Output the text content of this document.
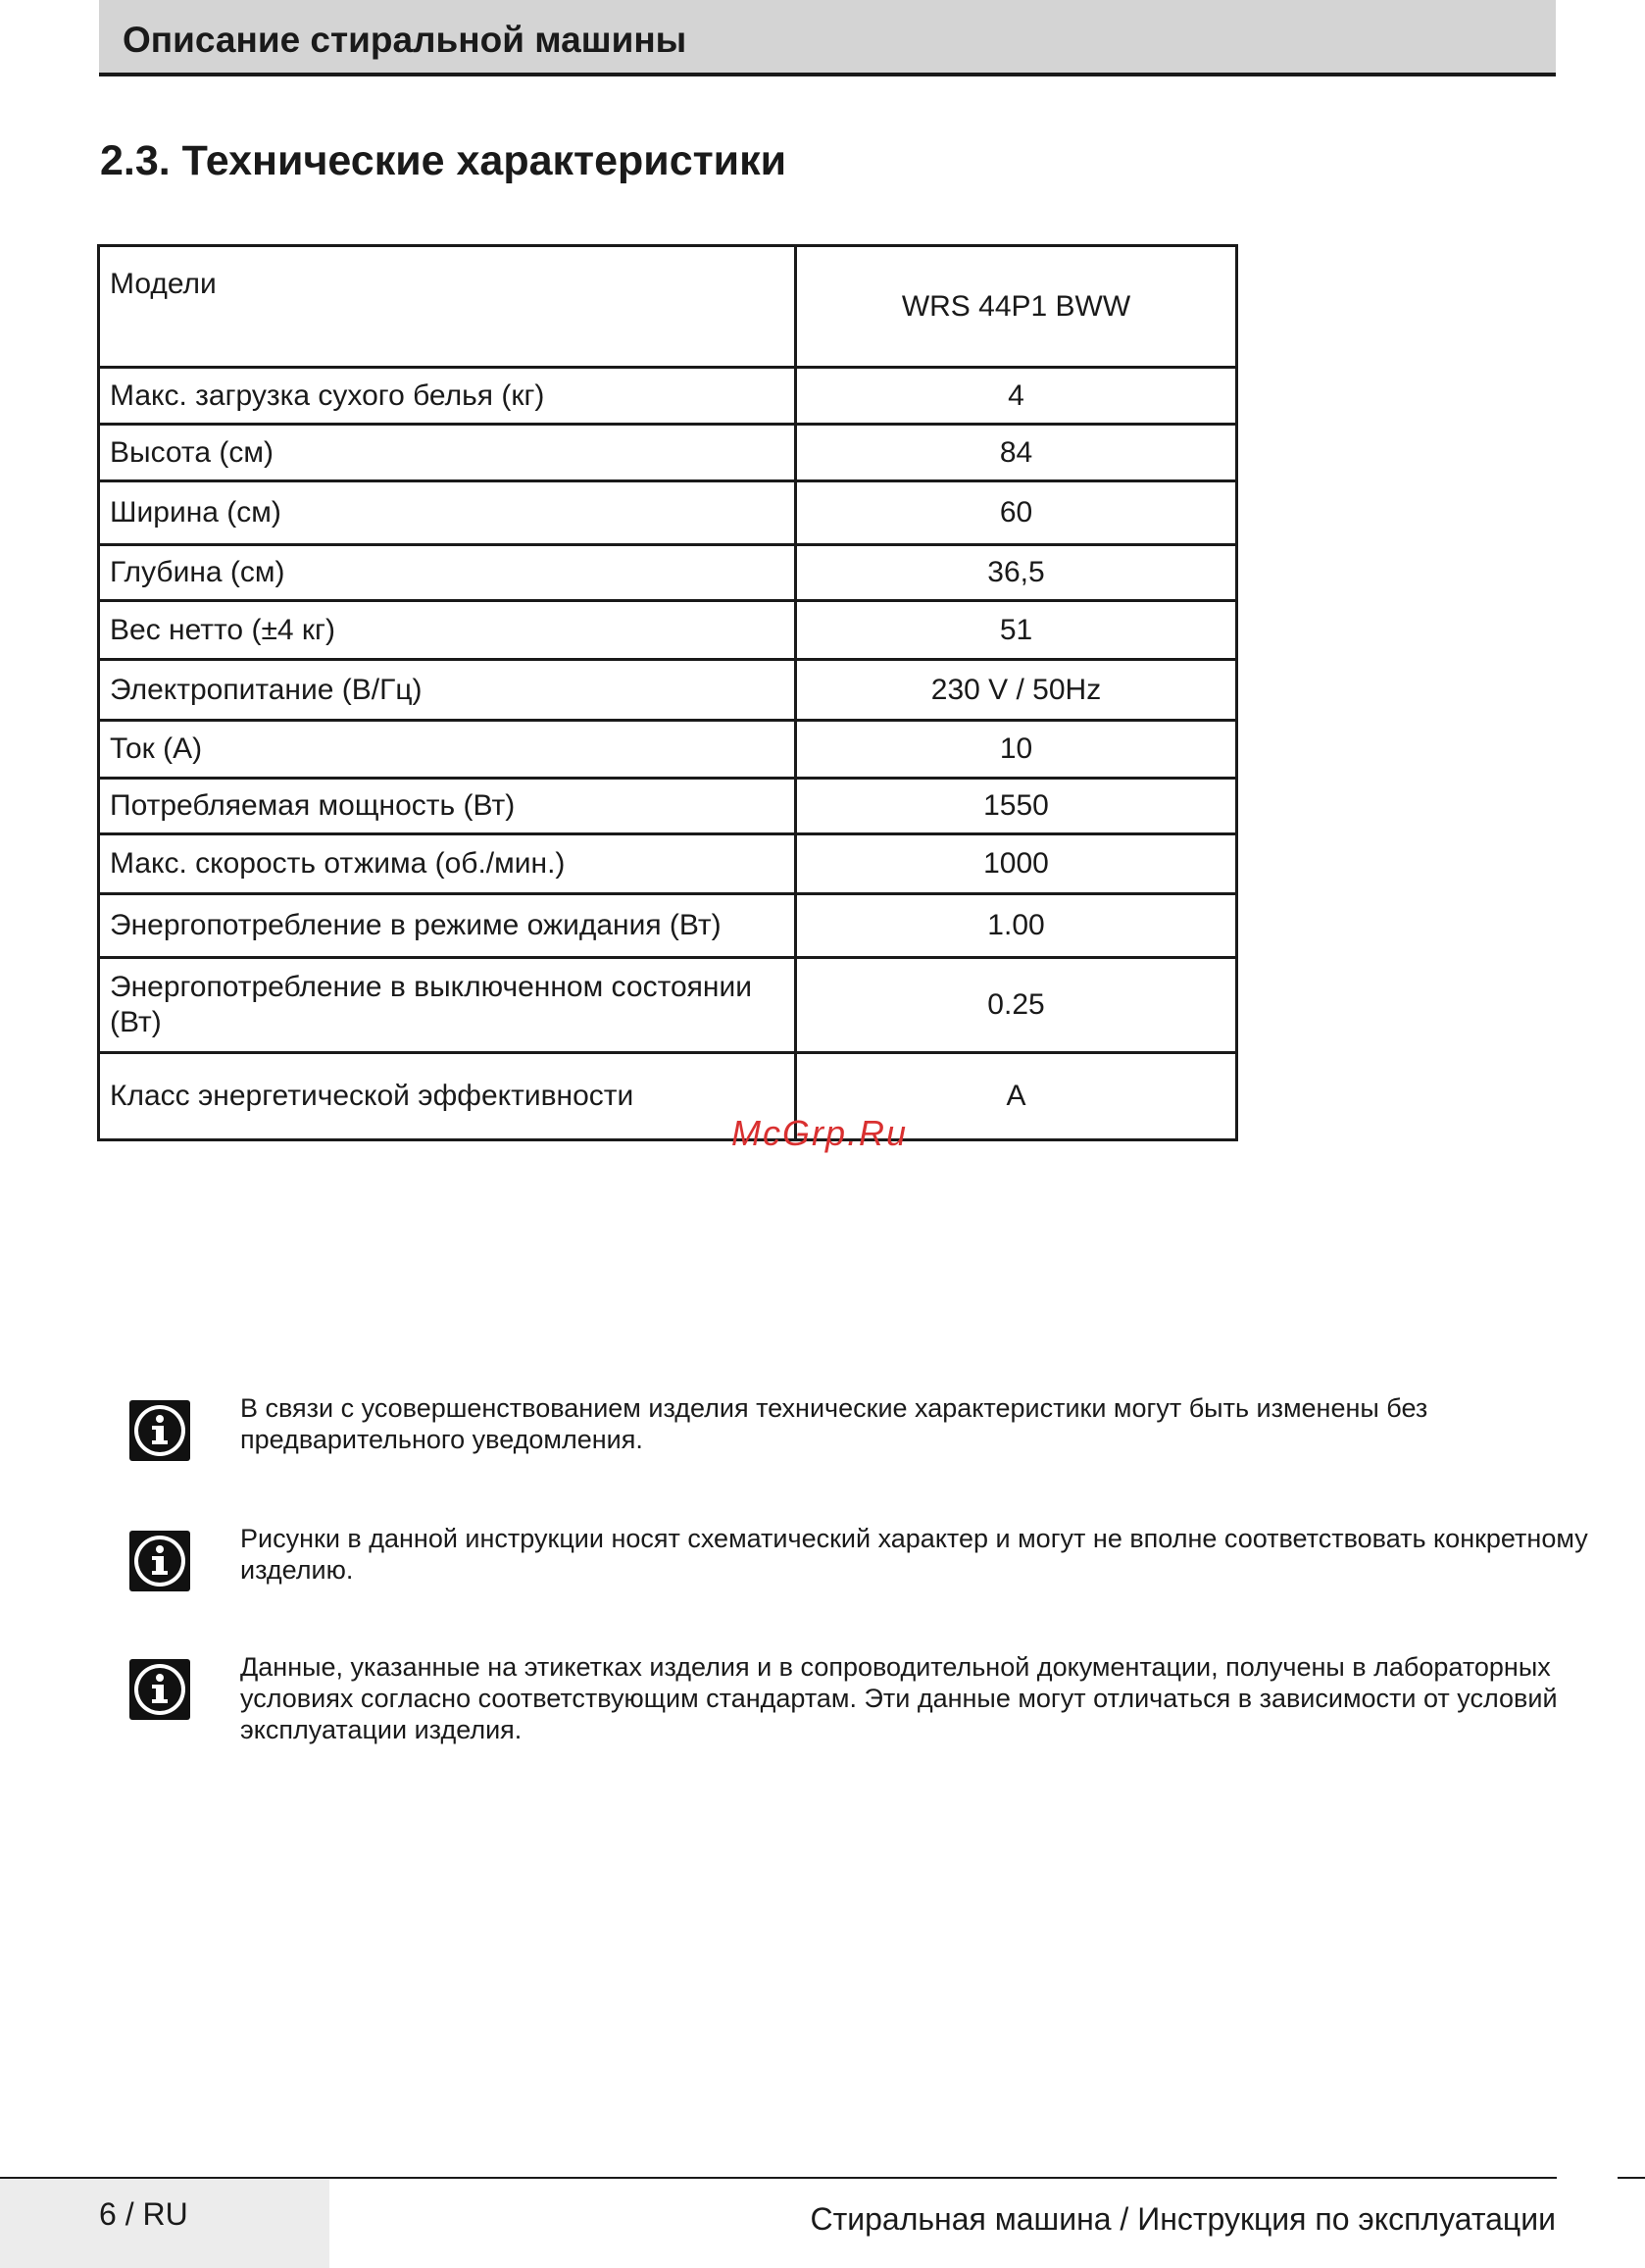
Описание стиральной машины
2.3. Технические характеристики
Модели	WRS 44P1 BWW
Макс. загрузка сухого белья (кг)	4
Высота (см)	84
Ширина (см)	60
Глубина (см)	36,5
Вес нетто (±4 кг)	51
Электропитание (В/Гц)	230 V / 50Hz
Ток (А)	10
Потребляемая мощность (Вт)	1550
Макс. скорость отжима (об./мин.)	1000
Энергопотребление в режиме ожидания (Вт)	1.00
Энергопотребление в выключенном состоянии (Вт)	0.25
Класс энергетической эффективности	A
McGrp.Ru

В связи с усовершенствованием изделия технические характеристики могут быть изменены без предварительного уведомления.

Рисунки в данной инструкции носят схематический характер и могут не вполне соответствовать конкретному изделию.

Данные, указанные на этикетках изделия и в сопроводительной документации, получены в лабораторных условиях согласно соответствующим стандартам. Эти данные могут отличаться в зависимости от условий эксплуатации изделия.

6 / RU	Стиральная машина / Инструкция по эксплуатации
